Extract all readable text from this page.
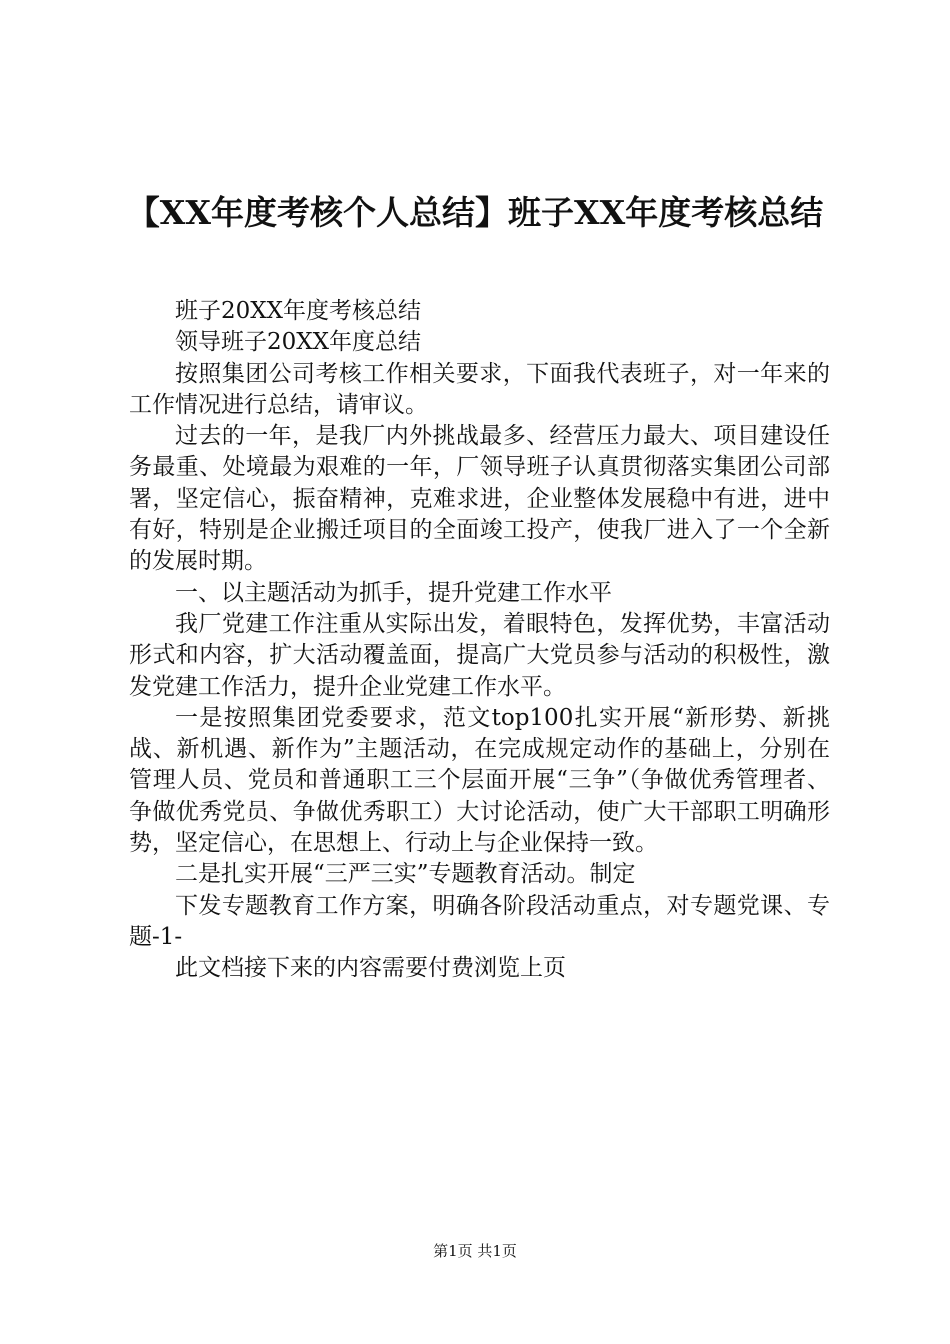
【XX年度考核个人总结】班子XX年度考核总结

班子20XX年度考核总结

领导班子20XX年度总结

按照集团公司考核工作相关要求，下面我代表班子，对一年来的工作情况进行总结，请审议。

过去的一年，是我厂内外挑战最多、经营压力最大、项目建设任务最重、处境最为艰难的一年，厂领导班子认真贯彻落实集团公司部署，坚定信心，振奋精神，克难求进，企业整体发展稳中有进，进中有好，特别是企业搬迁项目的全面竣工投产，使我厂进入了一个全新的发展时期。

一、以主题活动为抓手，提升党建工作水平

我厂党建工作注重从实际出发，着眼特色，发挥优势，丰富活动形式和内容，扩大活动覆盖面，提高广大党员参与活动的积极性，激发党建工作活力，提升企业党建工作水平。

一是按照集团党委要求，范文top100扎实开展“新形势、新挑战、新机遇、新作为”主题活动，在完成规定动作的基础上，分别在管理人员、党员和普通职工三个层面开展“三争”（争做优秀管理者、争做优秀党员、争做优秀职工）大讨论活动，使广大干部职工明确形势，坚定信心，在思想上、行动上与企业保持一致。

二是扎实开展“三严三实”专题教育活动。制定

下发专题教育工作方案，明确各阶段活动重点，对专题党课、专题-1-

此文档接下来的内容需要付费浏览上页

第1页 共1页
